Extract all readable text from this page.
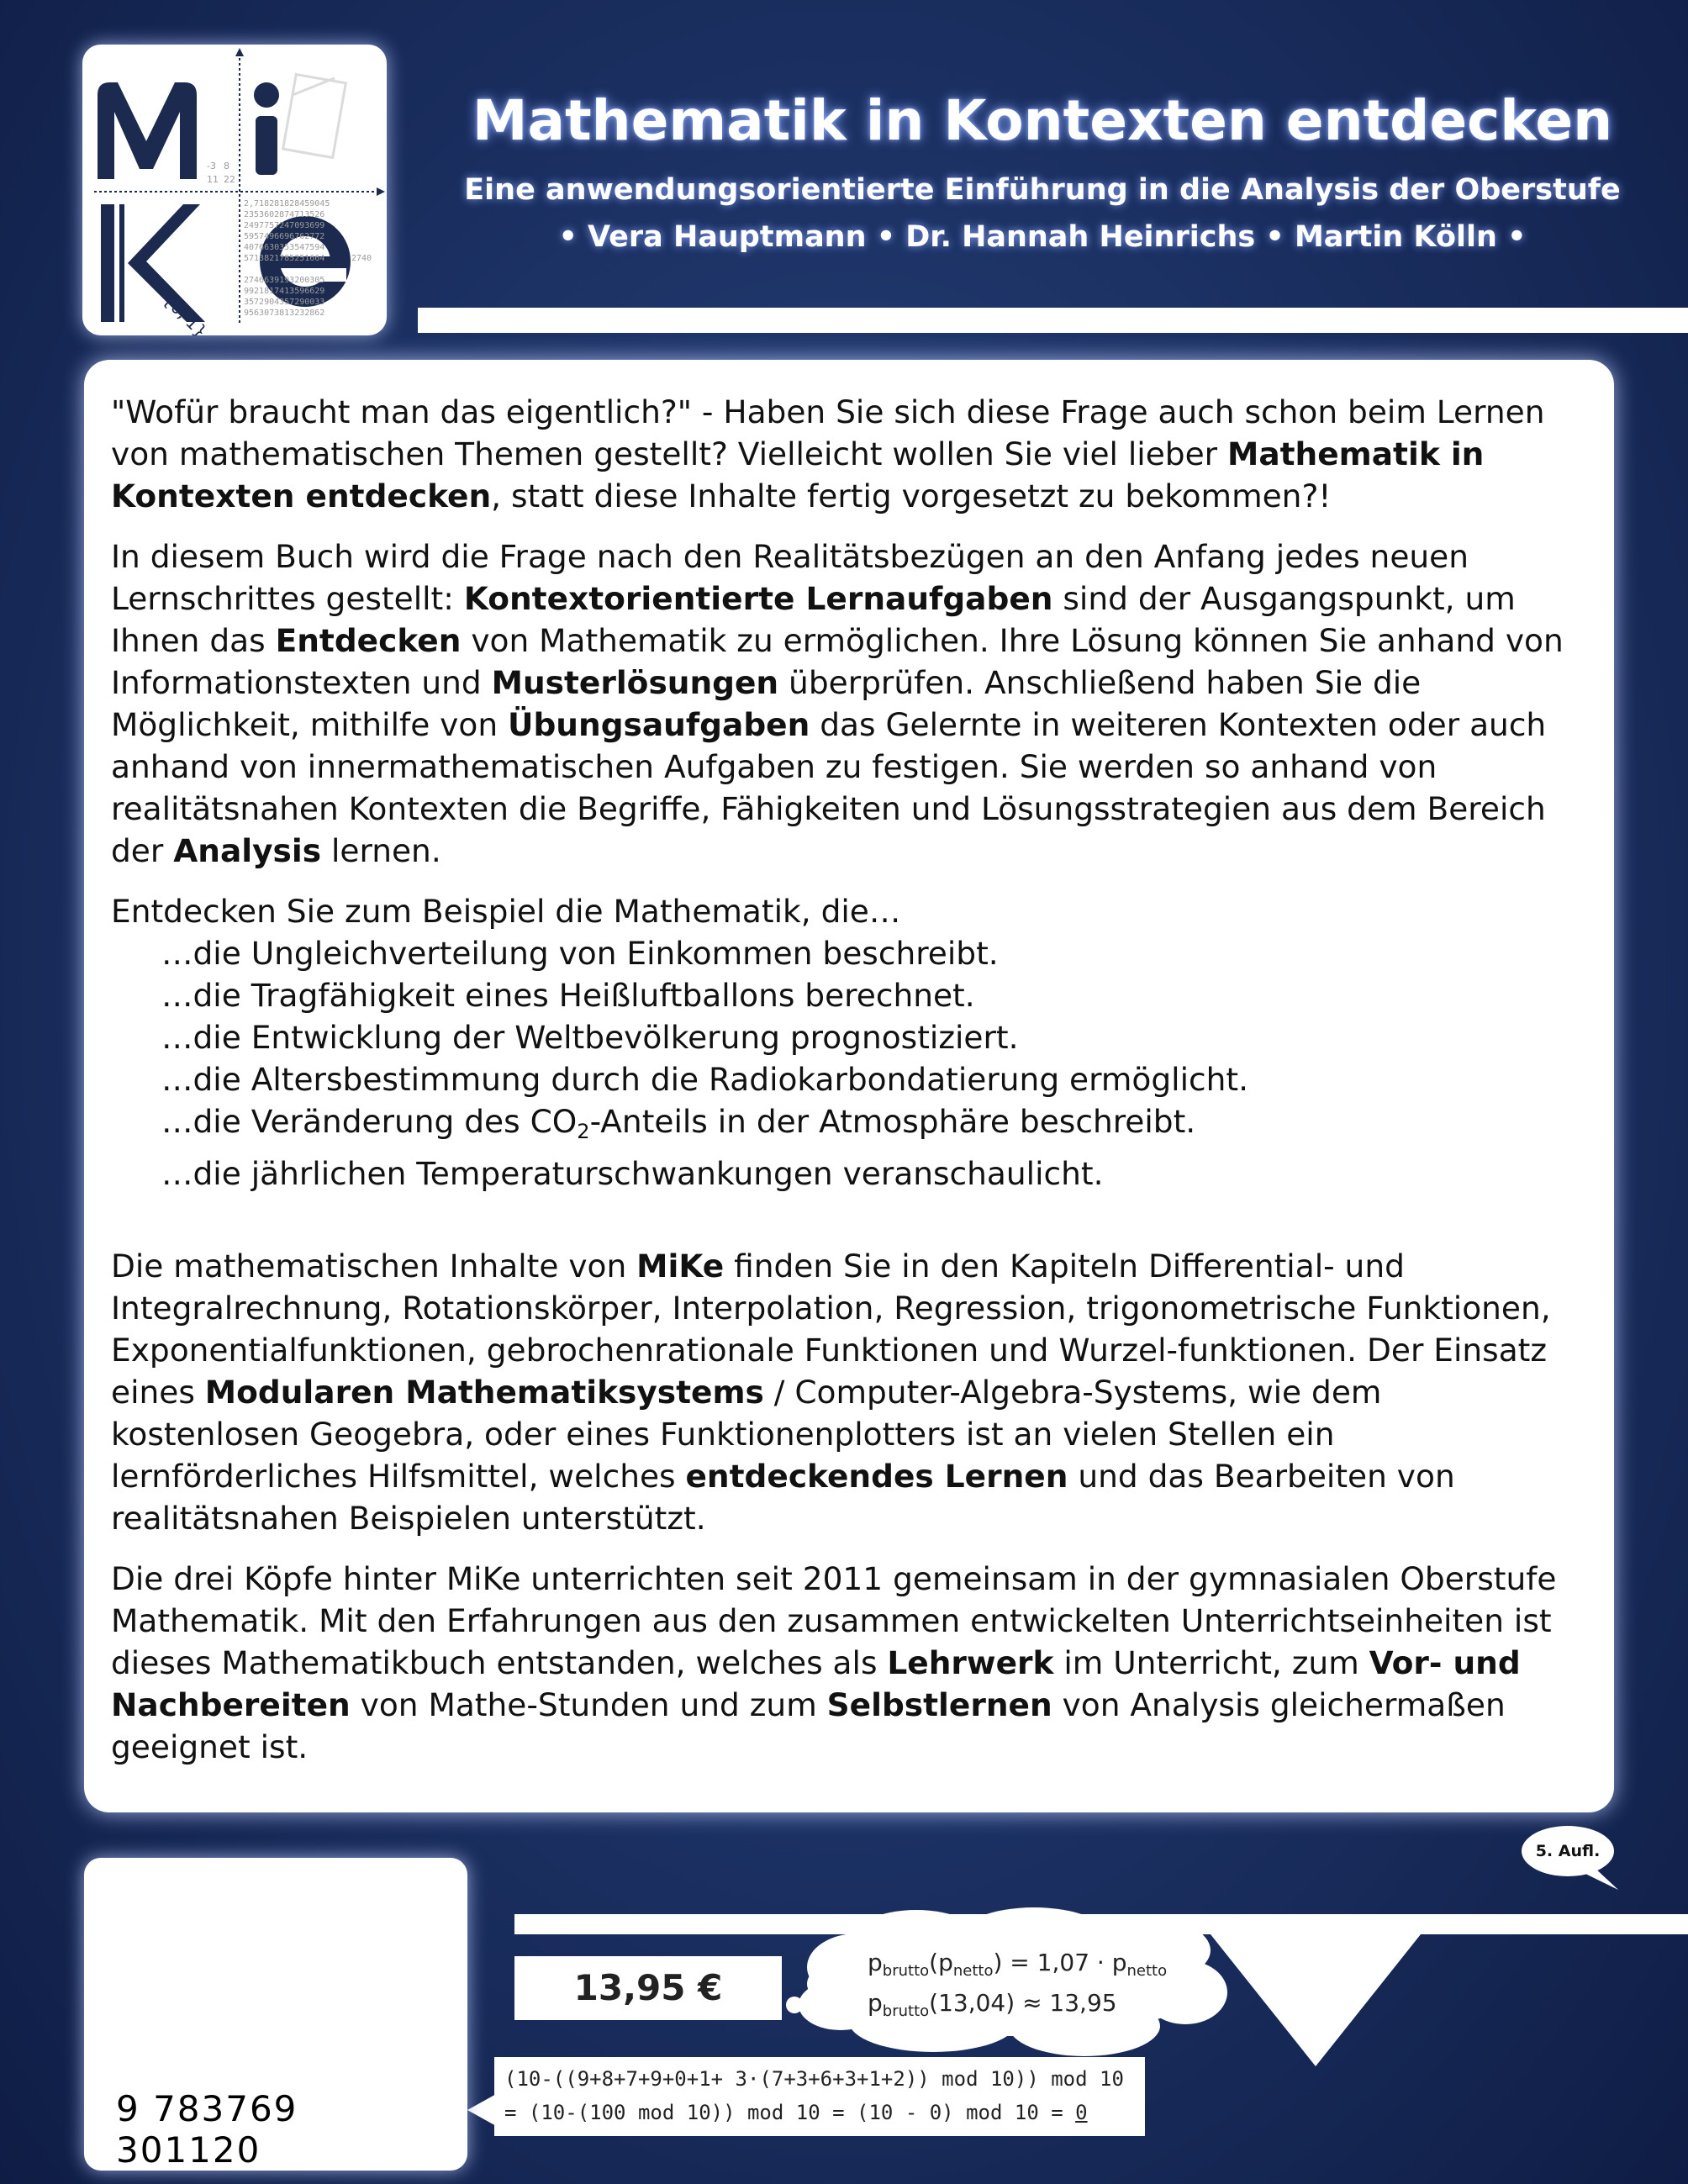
-3 8
11 22
={0, 1}
2,718281828459045
2353602874713526
2497757247093699
5957496696762772
4076630353547594
5713821785251664	2740
2746639193200305
9921817413596629
3572904357290033
9563073813232862
Mathematik in Kontexten entdecken
Eine anwendungsorientierte Einführung in die Analysis der Oberstufe
• Vera Hauptmann • Dr. Hannah Heinrichs • Martin Kölln •

"Wofür braucht man das eigentlich?" - Haben Sie sich diese Frage auch schon beim Lernen von mathematischen Themen gestellt? Vielleicht wollen Sie viel lieber Mathematik in Kontexten entdecken, statt diese Inhalte fertig vorgesetzt zu bekommen?!

In diesem Buch wird die Frage nach den Realitätsbezügen an den Anfang jedes neuen Lernschrittes gestellt: Kontextorientierte Lernaufgaben sind der Ausgangspunkt, um Ihnen das Entdecken von Mathematik zu ermöglichen. Ihre Lösung können Sie anhand von Informationstexten und Musterlösungen überprüfen. Anschließend haben Sie die Möglichkeit, mithilfe von Übungsaufgaben das Gelernte in weiteren Kontexten oder auch anhand von innermathematischen Aufgaben zu festigen. Sie werden so anhand von realitätsnahen Kontexten die Begriffe, Fähigkeiten und Lösungsstrategien aus dem Bereich der Analysis lernen.

Entdecken Sie zum Beispiel die Mathematik, die…

…die Ungleichverteilung von Einkommen beschreibt.
…die Tragfähigkeit eines Heißluftballons berechnet.
…die Entwicklung der Weltbevölkerung prognostiziert.
…die Altersbestimmung durch die Radiokarbondatierung ermöglicht.
…die Veränderung des $CO_2$-Anteils in der Atmosphäre beschreibt.
…die jährlichen Temperaturschwankungen veranschaulicht.

Die mathematischen Inhalte von MiKe finden Sie in den Kapiteln Differential- und Integralrechnung, Rotationskörper, Interpolation, Regression, trigonometrische Funktionen, Exponentialfunktionen, gebrochenrationale Funktionen und Wurzel-funktionen. Der Einsatz eines Modularen Mathematiksystems / Computer-Algebra-Systems, wie dem kostenlosen Geogebra, oder eines Funktionenplotters ist an vielen Stellen ein lernförderliches Hilfsmittel, welches entdeckendes Lernen und das Bearbeiten von realitätsnahen Beispielen unterstützt.

Die drei Köpfe hinter MiKe unterrichten seit 2011 gemeinsam in der gymnasialen Oberstufe Mathematik. Mit den Erfahrungen aus den zusammen entwickelten Unterrichtseinheiten ist dieses Mathematikbuch entstanden, welches als Lehrwerk im Unterricht, zum Vor- und Nachbereiten von Mathe-Stunden und zum Selbstlernen von Analysis gleichermaßen geeignet ist.

5. Aufl.
$p_{brutto}(p_{netto}) = 1,07 \cdot p_{netto}$
$p_{brutto}(13,04) \approx 13,95$
9 783769 301120
13,95 €
(10-((9+8+7+9+0+1+ 3·(7+3+6+3+1+2)) mod 10)) mod 10
= (10-(100 mod 10)) mod 10 = (10 - 0) mod 10 = 0
